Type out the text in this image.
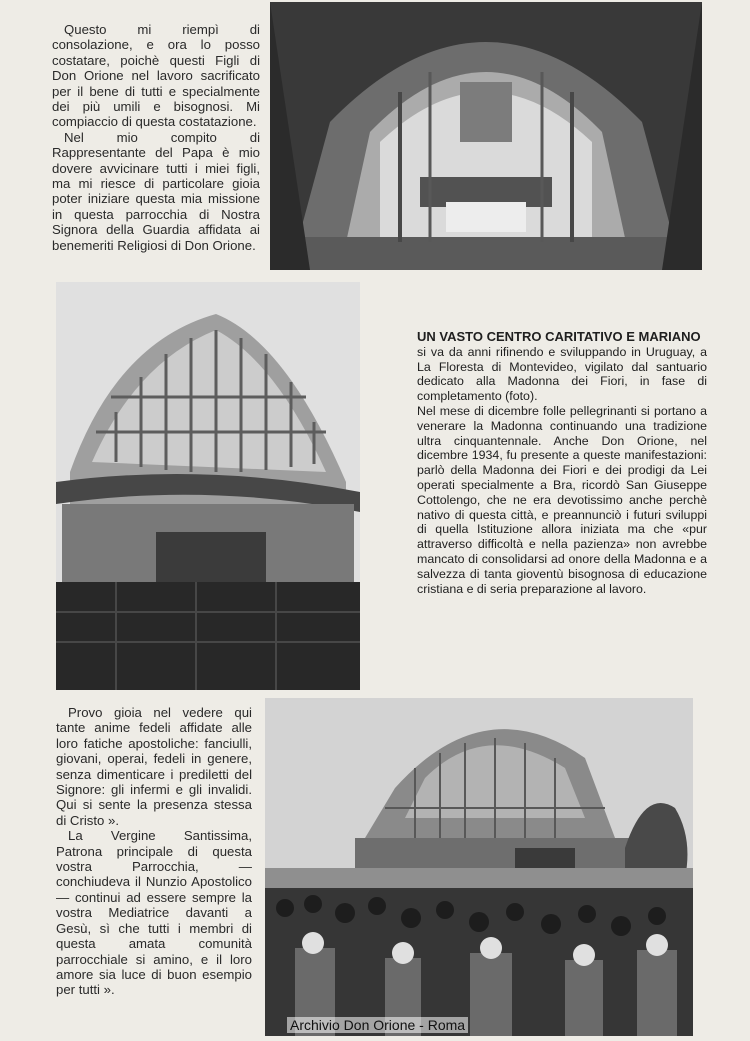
Questo mi riempì di consolazione, e ora lo posso costatare, poichè questi Figli di Don Orione nel lavoro sacrificato per il bene di tutti e specialmente dei più umili e bisognosi. Mi compiaccio di questa costatazione.

Nel mio compito di Rappresentante del Papa è mio dovere avvicinare tutti i miei figli, ma mi riesce di particolare gioia poter iniziare questa mia missione in questa parrocchia di Nostra Signora della Guardia affidata ai benemeriti Religiosi di Don Orione.

UN VASTO CENTRO CARITATIVO E MARIANO

si va da anni rifinendo e sviluppando in Uruguay, a La Floresta di Montevideo, vigilato dal santuario dedicato alla Madonna dei Fiori, in fase di completamento (foto).

Nel mese di dicembre folle pellegrinanti si portano a venerare la Madonna continuando una tradizione ultra cinquantennale. Anche Don Orione, nel dicembre 1934, fu presente a queste manifestazioni: parlò della Madonna dei Fiori e dei prodigi da Lei operati specialmente a Bra, ricordò San Giuseppe Cottolengo, che ne era devotissimo anche perchè nativo di questa città, e preannunciò i futuri sviluppi di quella Istituzione allora iniziata ma che «pur attraverso difficoltà e nella pazienza» non avrebbe mancato di consolidarsi ad onore della Madonna e a salvezza di tanta gioventù bisognosa di educazione cristiana e di seria preparazione al lavoro.

Provo gioia nel vedere qui tante anime fedeli affidate alle loro fatiche apostoliche: fanciulli, giovani, operai, fedeli in genere, senza dimenticare i prediletti del Signore: gli infermi e gli invalidi. Qui si sente la presenza stessa di Cristo ».

La Vergine Santissima, Patrona principale di questa vostra Parrocchia, — conchiudeva il Nunzio Apostolico — continui ad essere sempre la vostra Mediatrice davanti a Gesù, sì che tutti i membri di questa amata comunità parrocchiale si amino, e il loro amore sia luce di buon esempio per tutti ».

Archivio Don Orione - Roma
